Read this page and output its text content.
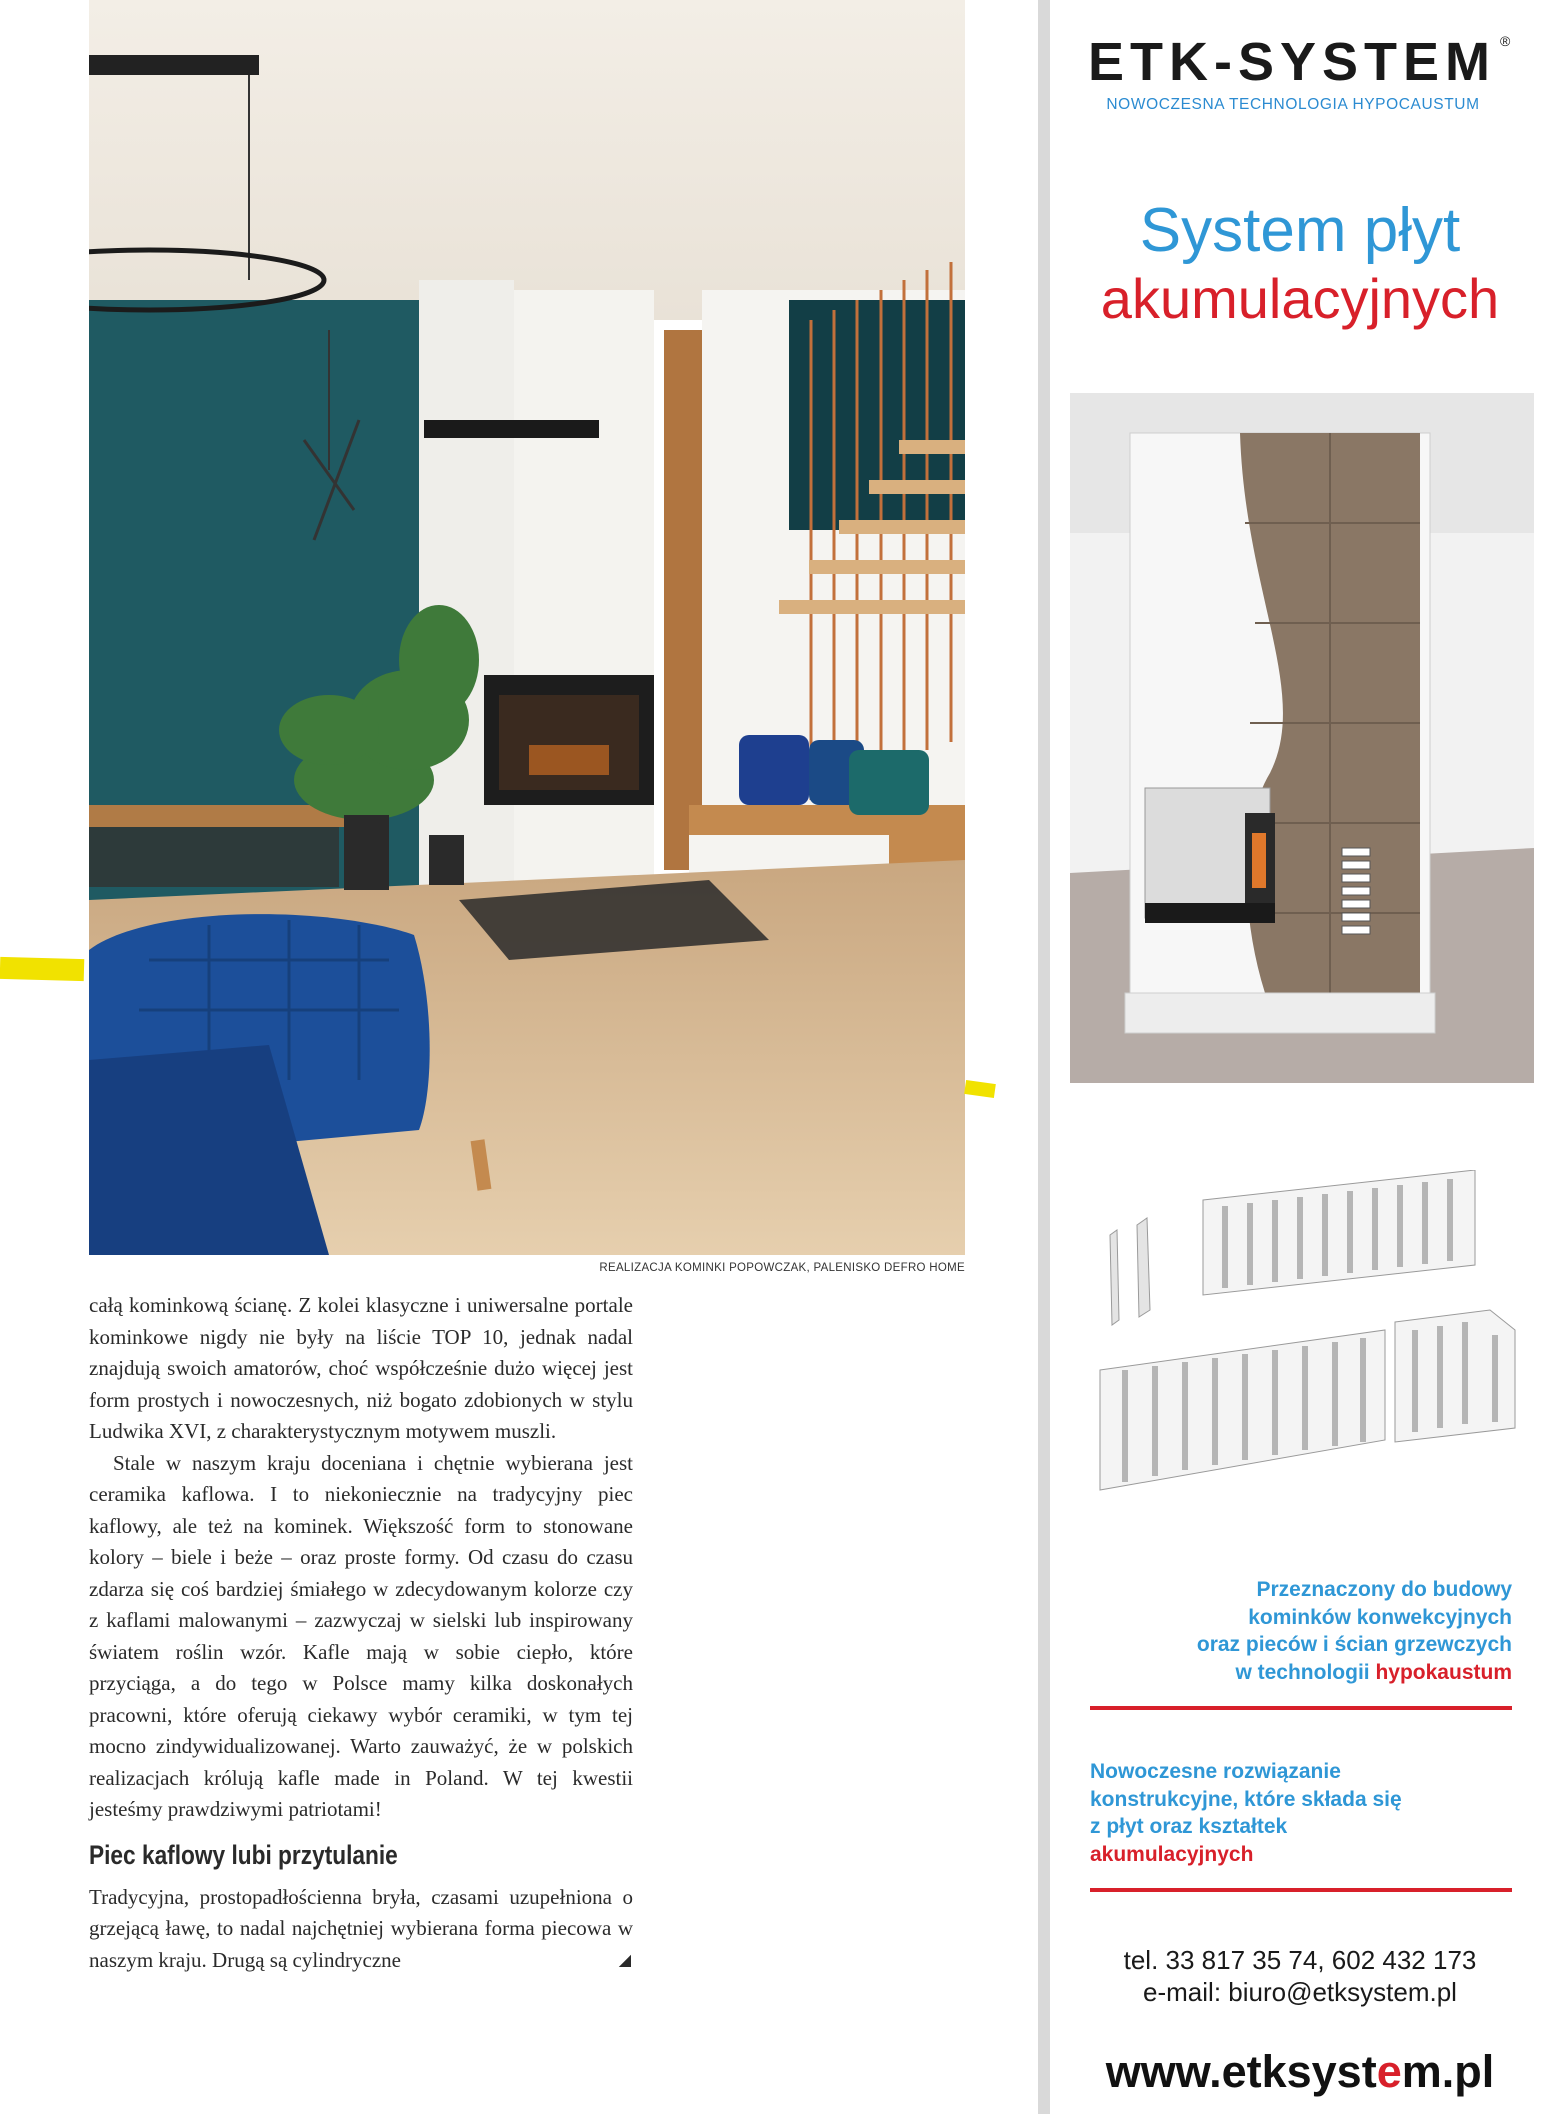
REALIZACJA KOMINKI POPOWCZAK, PALENISKO DEFRO HOME

całą kominkową ścianę. Z kolei klasyczne i uniwersalne portale kominkowe nigdy nie były na liście TOP 10, jednak nadal znajdują swoich amatorów, choć współcześnie dużo więcej jest form prostych i nowoczesnych, niż bogato zdobionych w stylu Ludwika XVI, z charakterystycznym motywem muszli.

Stale w naszym kraju doceniana i chętnie wybierana jest ceramika kaflowa. I to niekoniecznie na tradycyjny piec kaflowy, ale też na kominek. Większość form to stonowane kolory – biele i beże – oraz proste formy. Od czasu do czasu zdarza się coś bardziej śmiałego w zdecydowanym kolorze czy z kaflami malowanymi – zazwyczaj w sielski lub inspirowany światem roślin wzór. Kafle mają w sobie ciepło, które przyciąga, a do tego w Polsce mamy kilka doskonałych pracowni, które oferują ciekawy wybór ceramiki, w tym tej mocno zindywidualizowanej. Warto zauważyć, że w polskich realizacjach królują kafle made in Poland. W tej kwestii jesteśmy prawdziwymi patriotami!

Piec kaflowy lubi przytulanie

Tradycyjna, prostopadłościenna bryła, czasami uzupełniona o grzejącą ławę, to nadal najchętniej wybierana forma piecowa w naszym kraju. Drugą są cylindryczne	◢

ETK-SYSTEM ®
NOWOCZESNA TECHNOLOGIA HYPOCAUSTUM
System płyt
akumulacyjnych
Przeznaczony do budowy
kominków konwekcyjnych
oraz pieców i ścian grzewczych
w technologii hypokaustum
Nowoczesne rozwiązanie
konstrukcyjne, które składa się
z płyt oraz kształtek
akumulacyjnych
tel. 33 817 35 74, 602 432 173
e-mail: biuro@etksystem.pl
www.etksystem.pl
